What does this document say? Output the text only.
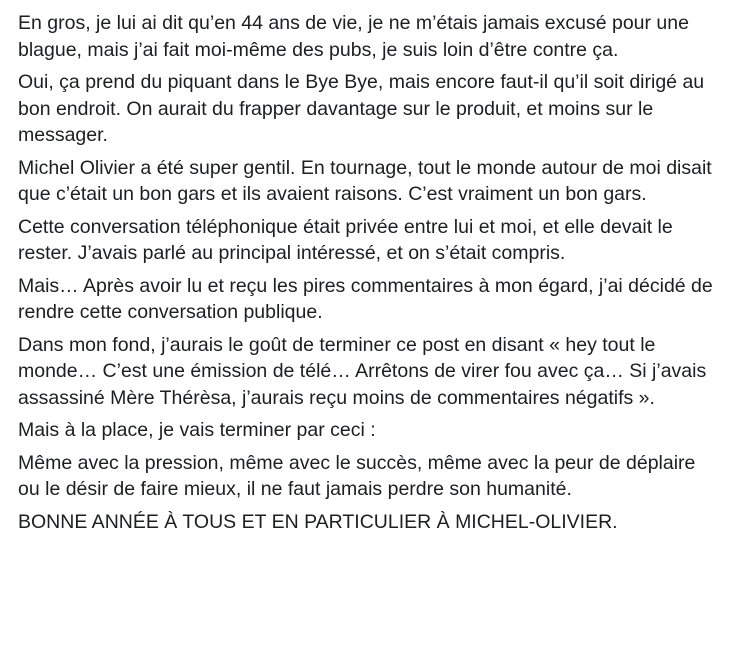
En gros, je lui ai dit qu’en 44 ans de vie, je ne m’étais jamais excusé pour une blague, mais j’ai fait moi-même des pubs, je suis loin d’être contre ça.

Oui, ça prend du piquant dans le Bye Bye, mais encore faut-il qu’il soit dirigé au bon endroit. On aurait du frapper davantage sur le produit, et moins sur le messager.

Michel Olivier a été super gentil. En tournage, tout le monde autour de moi disait que c’était un bon gars et ils avaient raisons. C’est vraiment un bon gars.

Cette conversation téléphonique était privée entre lui et moi, et elle devait le rester. J’avais parlé au principal intéressé, et on s’était compris.

Mais… Après avoir lu et reçu les pires commentaires à mon égard, j’ai décidé de rendre cette conversation publique.

Dans mon fond, j’aurais le goût de terminer ce post en disant « hey tout le monde… C’est une émission de télé… Arrêtons de virer fou avec ça… Si j’avais assassiné Mère Thérèsa, j’aurais reçu moins de commentaires négatifs ».

Mais à la place, je vais terminer par ceci :

Même avec la pression, même avec le succès, même avec la peur de déplaire ou le désir de faire mieux, il ne faut jamais perdre son humanité.

BONNE ANNÉE À TOUS ET EN PARTICULIER À MICHEL-OLIVIER.
